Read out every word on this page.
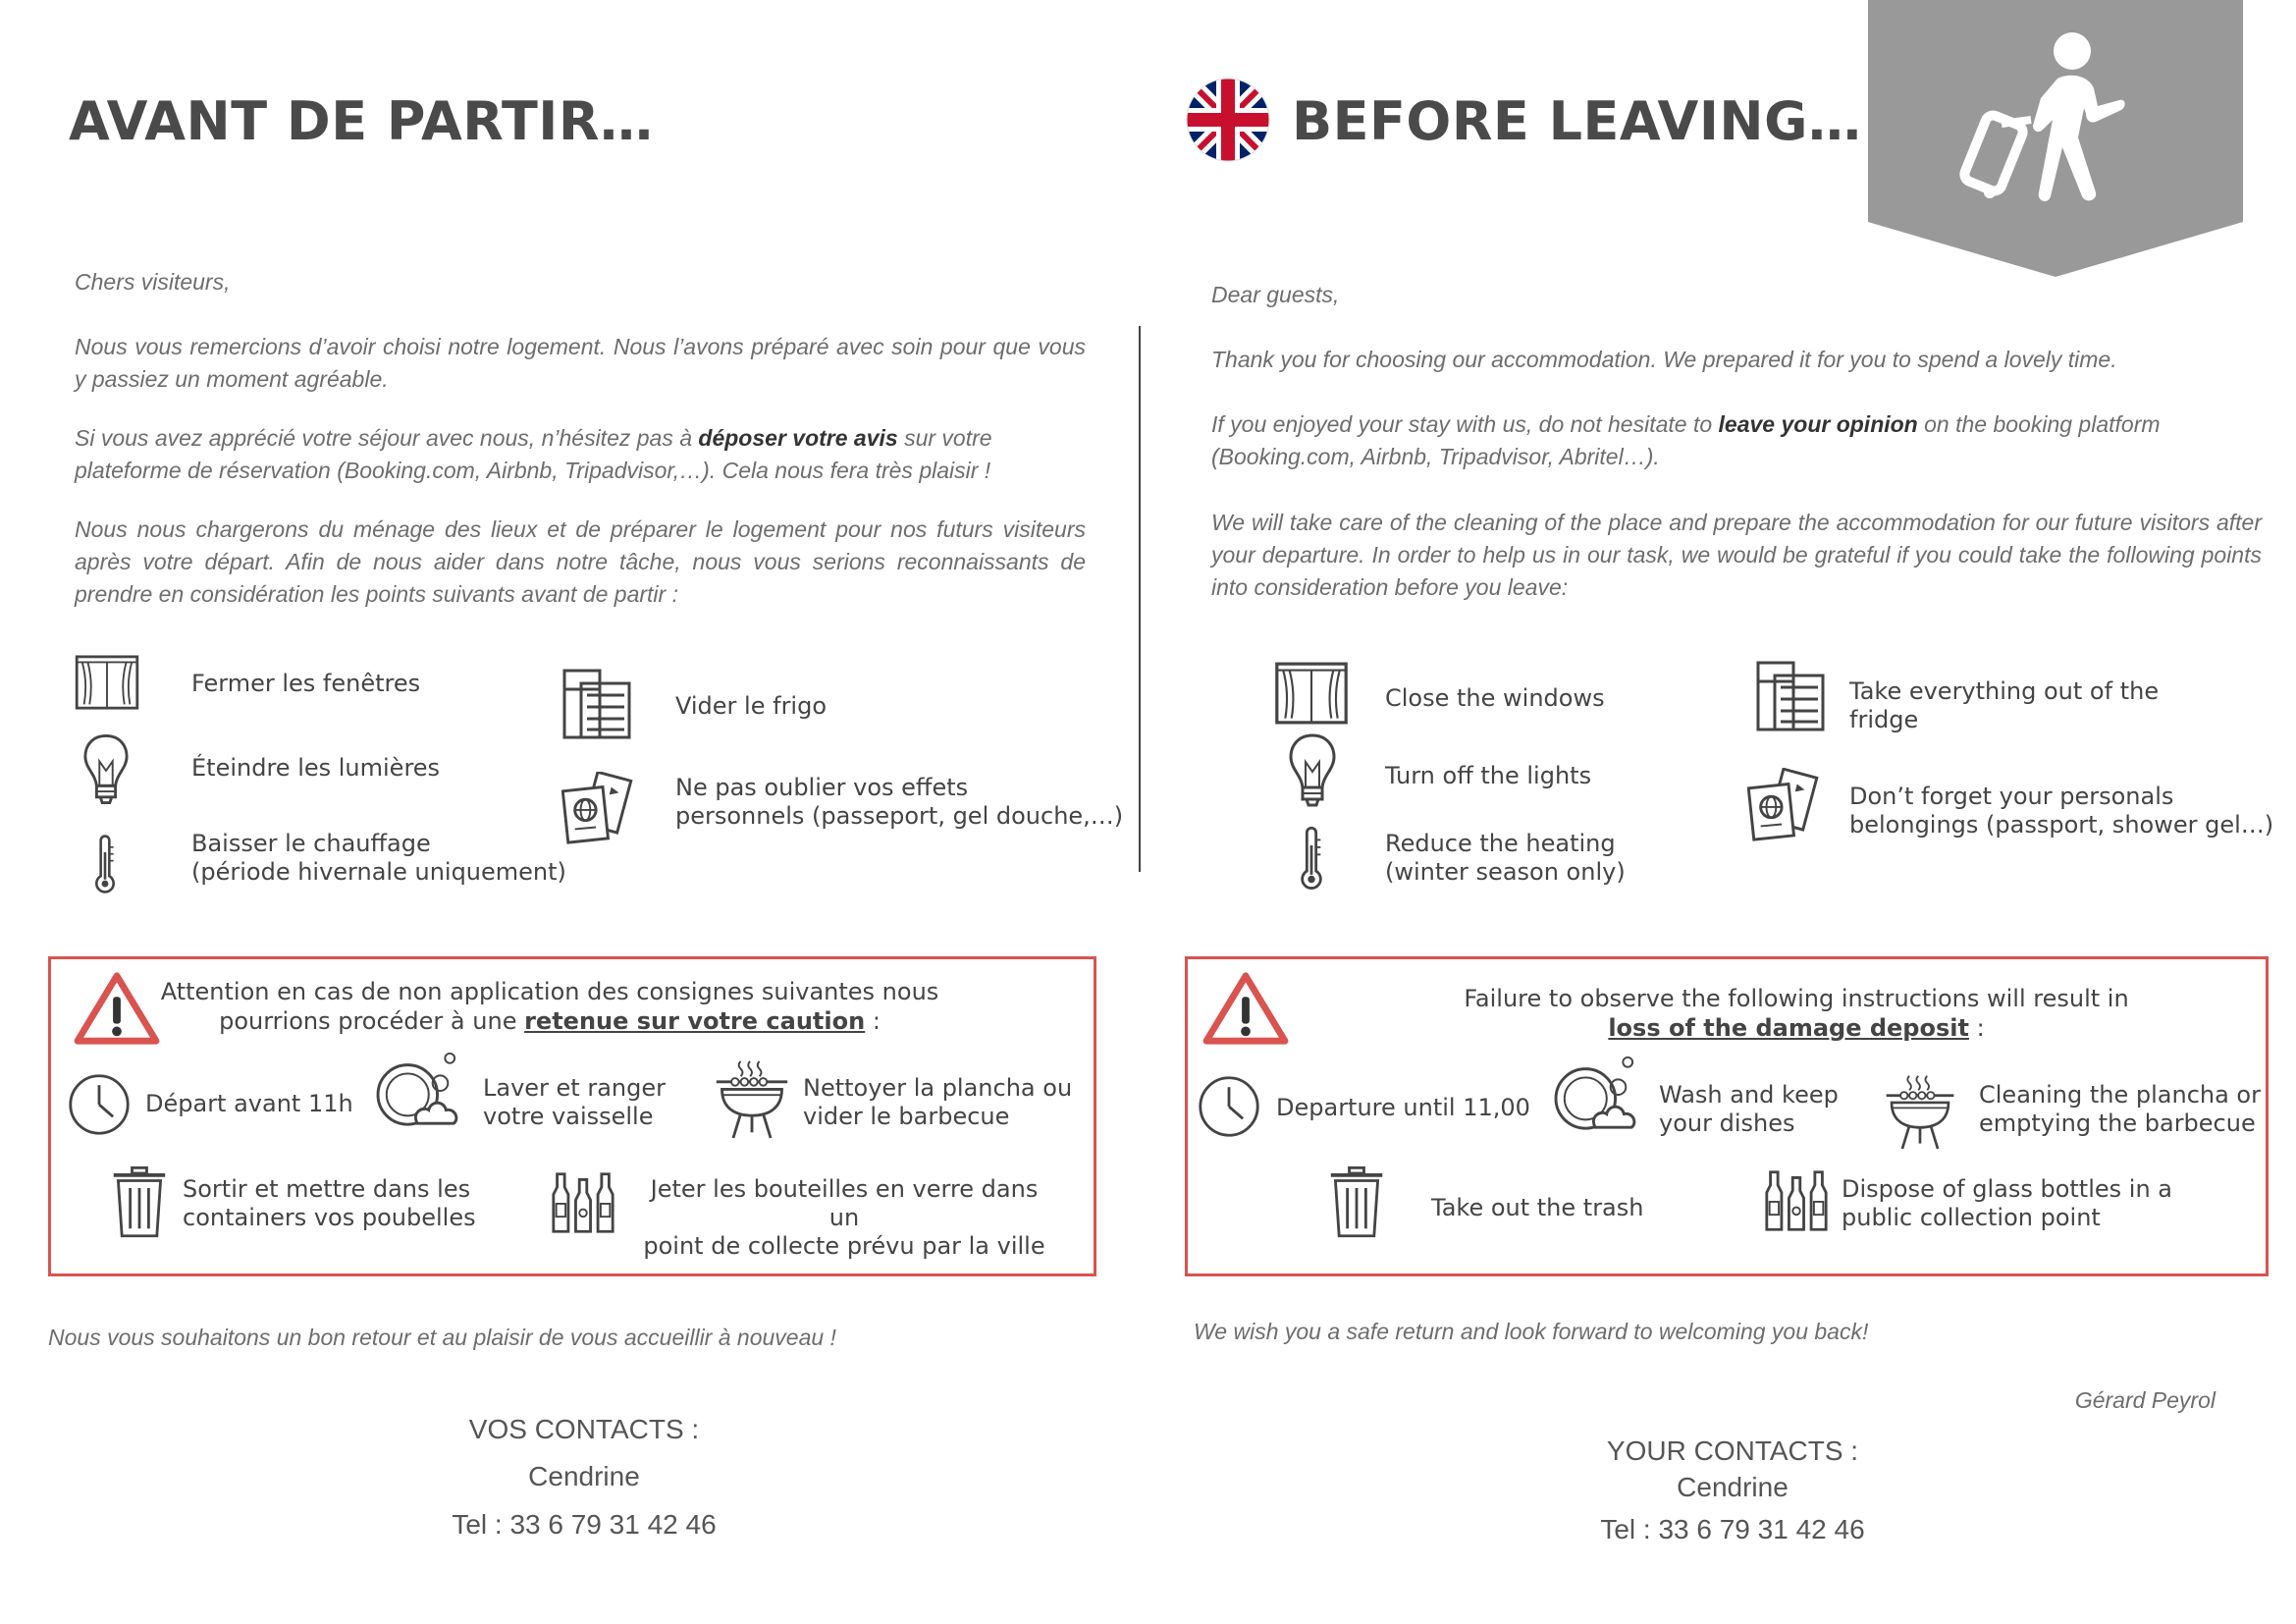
AVANT DE PARTIR…
Chers visiteurs,
Nous vous remercions d’avoir choisi notre logement. Nous l’avons préparé avec soin pour que vous y passiez un moment agréable.
Si vous avez apprécié votre séjour avec nous, n’hésitez pas à déposer votre avis sur votre plateforme de réservation (Booking.com, Airbnb, Tripadvisor,…). Cela nous fera très plaisir !
Nous nous chargerons du ménage des lieux et de préparer le logement pour nos futurs visiteurs après votre départ. Afin de nous aider dans notre tâche, nous vous serions reconnaissants de prendre en considération les points suivants avant de partir :
Fermer les fenêtres
Éteindre les lumières
Baisser le chauffage
(période hivernale uniquement)
Vider le frigo
Ne pas oublier vos effets
personnels (passeport, gel douche,…)
Attention en cas de non application des consignes suivantes nous
pourrions procéder à une retenue sur votre caution :
Départ avant 11h
Laver et ranger
votre vaisselle
Nettoyer la plancha ou
vider le barbecue
Sortir et mettre dans les
containers vos poubelles
Jeter les bouteilles en verre dans un
point de collecte prévu par la ville
Nous vous souhaitons un bon retour et au plaisir de vous accueillir à nouveau !
VOS CONTACTS :
Cendrine
Tel : 33 6 79 31 42 46
BEFORE LEAVING…
Dear guests,
Thank you for choosing our accommodation. We prepared it for you to spend a lovely time.
If you enjoyed your stay with us, do not hesitate to leave your opinion on the booking platform (Booking.com, Airbnb, Tripadvisor, Abritel…).
We will take care of the cleaning of the place and prepare the accommodation for our future visitors after your departure. In order to help us in our task, we would be grateful if you could take the following points into consideration before you leave:
Close the windows
Turn off the lights
Reduce the heating
(winter season only)
Take everything out of the
fridge
Don’t forget your personals
belongings (passport, shower gel…)
Failure to observe the following instructions will result in
loss of the damage deposit :
Departure until 11,00	Wash and keep
your dishes
Cleaning the plancha or
emptying the barbecue
Take out the trash
Dispose of glass bottles in a
public collection point
We wish you a safe return and look forward to welcoming you back!
Gérard Peyrol
YOUR CONTACTS :
Cendrine
Tel : 33 6 79 31 42 46
